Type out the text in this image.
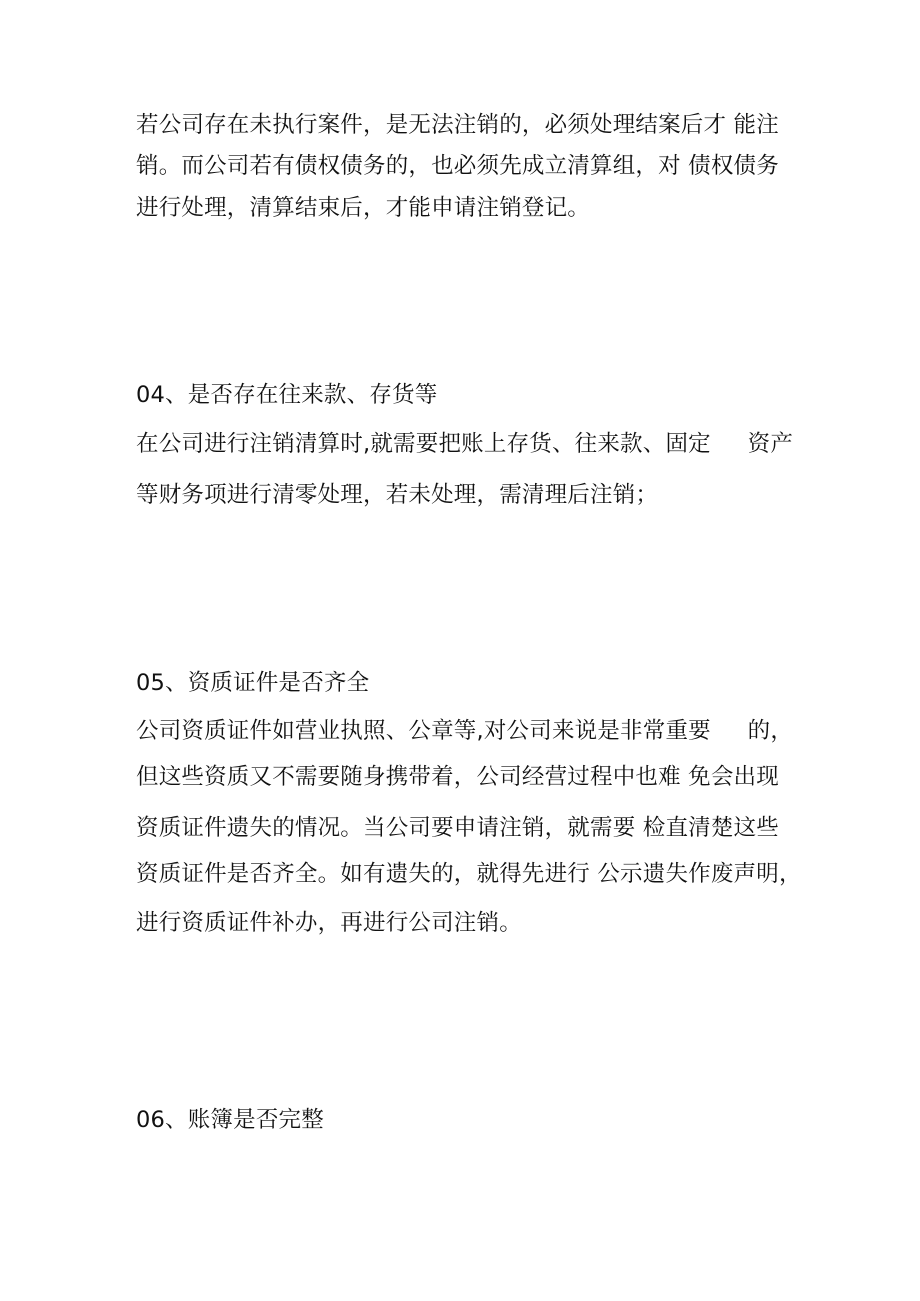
若公司存在未执行案件，是无法注销的，必须处理结案后才 能注
销。而公司若有债权债务的，也必须先成立清算组，对 债权债务
进行处理，清算结束后，才能申请注销登记。
04、是否存在往来款、存货等
在公司进行注销清算时,就需要把账上存货、往来款、固定     资产
等财务项进行清零处理，若未处理，需清理后注销；
05、资质证件是否齐全
公司资质证件如营业执照、公章等,对公司来说是非常重要     的，
但这些资质又不需要随身携带着，公司经营过程中也难 免会出现
资质证件遗失的情况。当公司要申请注销，就需要 检直清楚这些
资质证件是否齐全。如有遗失的，就得先进行 公示遗失作废声明，
进行资质证件补办，再进行公司注销。
06、账簿是否完整
